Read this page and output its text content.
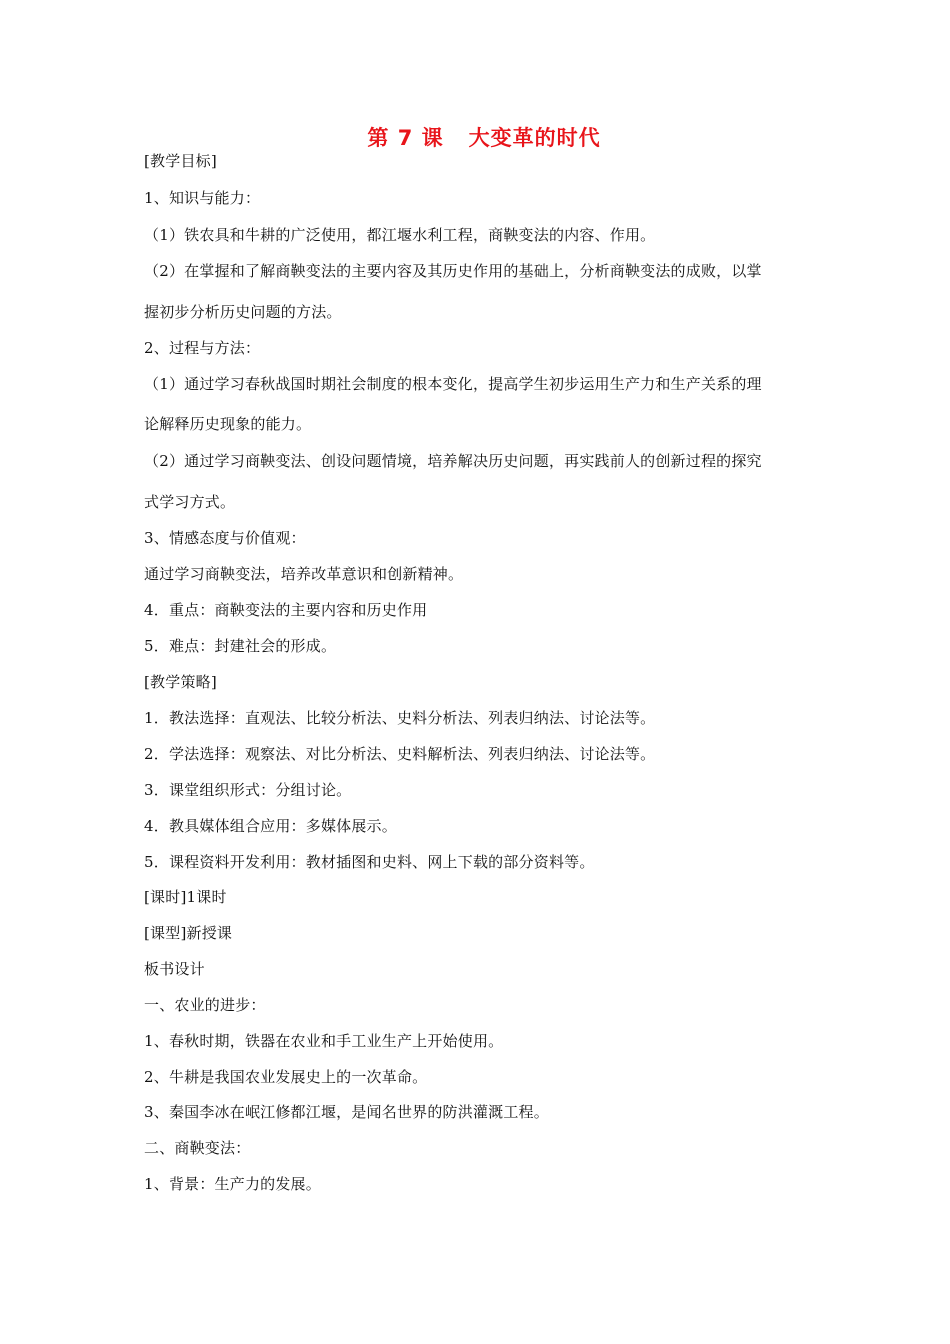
第 7 课   大变革的时代
[教学目标]
1、知识与能力：
（1）铁农具和牛耕的广泛使用，都江堰水利工程，商鞅变法的内容、作用。
（2）在掌握和了解商鞅变法的主要内容及其历史作用的基础上，分析商鞅变法的成败，以掌
握初步分析历史问题的方法。
2、过程与方法：
（1）通过学习春秋战国时期社会制度的根本变化，提高学生初步运用生产力和生产关系的理
论解释历史现象的能力。
（2）通过学习商鞅变法、创设问题情境，培养解决历史问题，再实践前人的创新过程的探究
式学习方式。
3、情感态度与价值观：
通过学习商鞅变法，培养改革意识和创新精神。
4．重点：商鞅变法的主要内容和历史作用
5．难点：封建社会的形成。
[教学策略]
1．教法选择：直观法、比较分析法、史料分析法、列表归纳法、讨论法等。
2．学法选择：观察法、对比分析法、史料解析法、列表归纳法、讨论法等。
3．课堂组织形式：分组讨论。
4．教具媒体组合应用：多媒体展示。
5．课程资料开发利用：教材插图和史料、网上下载的部分资料等。
[课时]1课时
[课型]新授课
板书设计
一、农业的进步：
1、春秋时期，铁器在农业和手工业生产上开始使用。
2、牛耕是我国农业发展史上的一次革命。
3、秦国李冰在岷江修都江堰，是闻名世界的防洪灌溉工程。
二、商鞅变法：
1、背景：生产力的发展。
